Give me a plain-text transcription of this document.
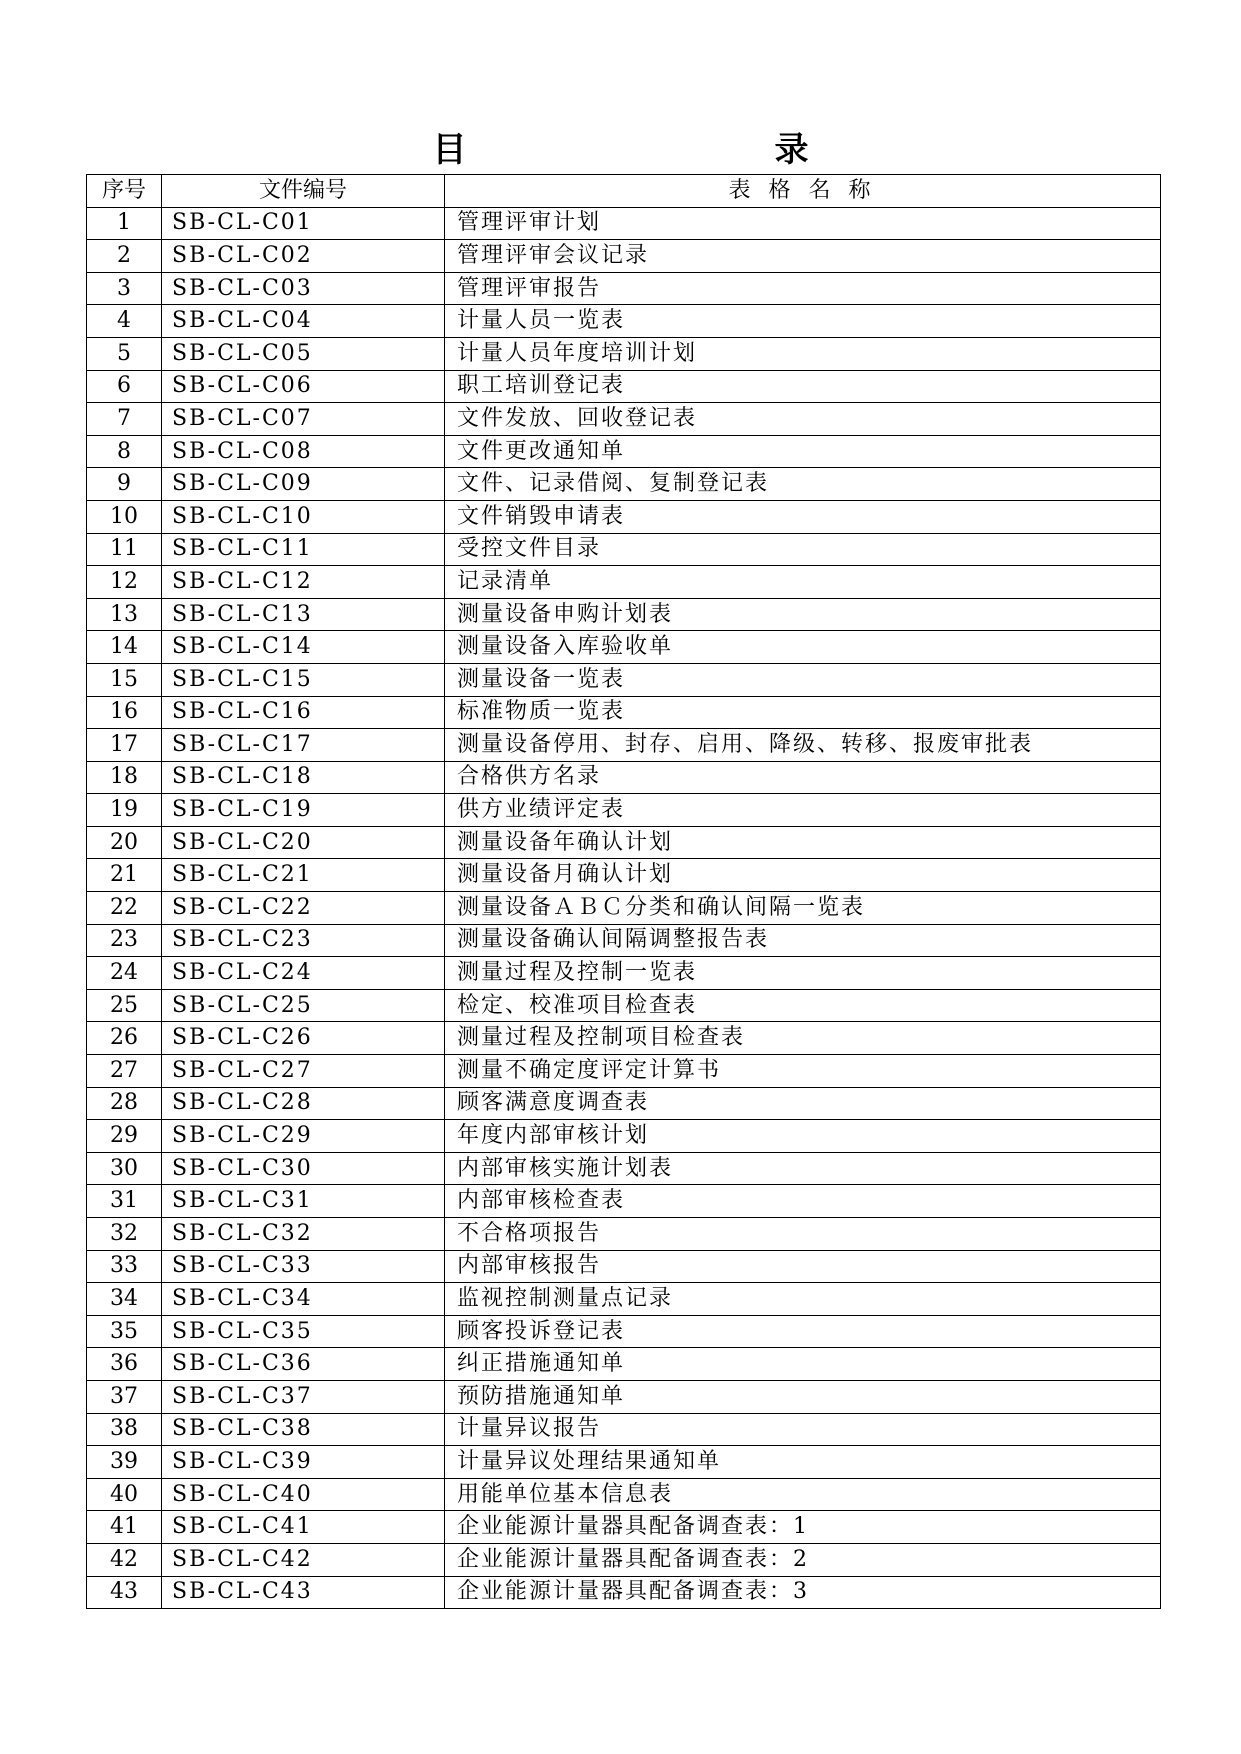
目　　录
序号	文件编号	表格名称
1	SB-CL-C01	管理评审计划
2	SB-CL-C02	管理评审会议记录
3	SB-CL-C03	管理评审报告
4	SB-CL-C04	计量人员一览表
5	SB-CL-C05	计量人员年度培训计划
6	SB-CL-C06	职工培训登记表
7	SB-CL-C07	文件发放、回收登记表
8	SB-CL-C08	文件更改通知单
9	SB-CL-C09	文件、记录借阅、复制登记表
10	SB-CL-C10	文件销毁申请表
11	SB-CL-C11	受控文件目录
12	SB-CL-C12	记录清单
13	SB-CL-C13	测量设备申购计划表
14	SB-CL-C14	测量设备入库验收单
15	SB-CL-C15	测量设备一览表
16	SB-CL-C16	标准物质一览表
17	SB-CL-C17	测量设备停用、封存、启用、降级、转移、报废审批表
18	SB-CL-C18	合格供方名录
19	SB-CL-C19	供方业绩评定表
20	SB-CL-C20	测量设备年确认计划
21	SB-CL-C21	测量设备月确认计划
22	SB-CL-C22	测量设备ＡＢＣ分类和确认间隔一览表
23	SB-CL-C23	测量设备确认间隔调整报告表
24	SB-CL-C24	测量过程及控制一览表
25	SB-CL-C25	检定、校准项目检查表
26	SB-CL-C26	测量过程及控制项目检查表
27	SB-CL-C27	测量不确定度评定计算书
28	SB-CL-C28	顾客满意度调查表
29	SB-CL-C29	年度内部审核计划
30	SB-CL-C30	内部审核实施计划表
31	SB-CL-C31	内部审核检查表
32	SB-CL-C32	不合格项报告
33	SB-CL-C33	内部审核报告
34	SB-CL-C34	监视控制测量点记录
35	SB-CL-C35	顾客投诉登记表
36	SB-CL-C36	纠正措施通知单
37	SB-CL-C37	预防措施通知单
38	SB-CL-C38	计量异议报告
39	SB-CL-C39	计量异议处理结果通知单
40	SB-CL-C40	用能单位基本信息表
41	SB-CL-C41	企业能源计量器具配备调查表：1
42	SB-CL-C42	企业能源计量器具配备调查表：2
43	SB-CL-C43	企业能源计量器具配备调查表：3
